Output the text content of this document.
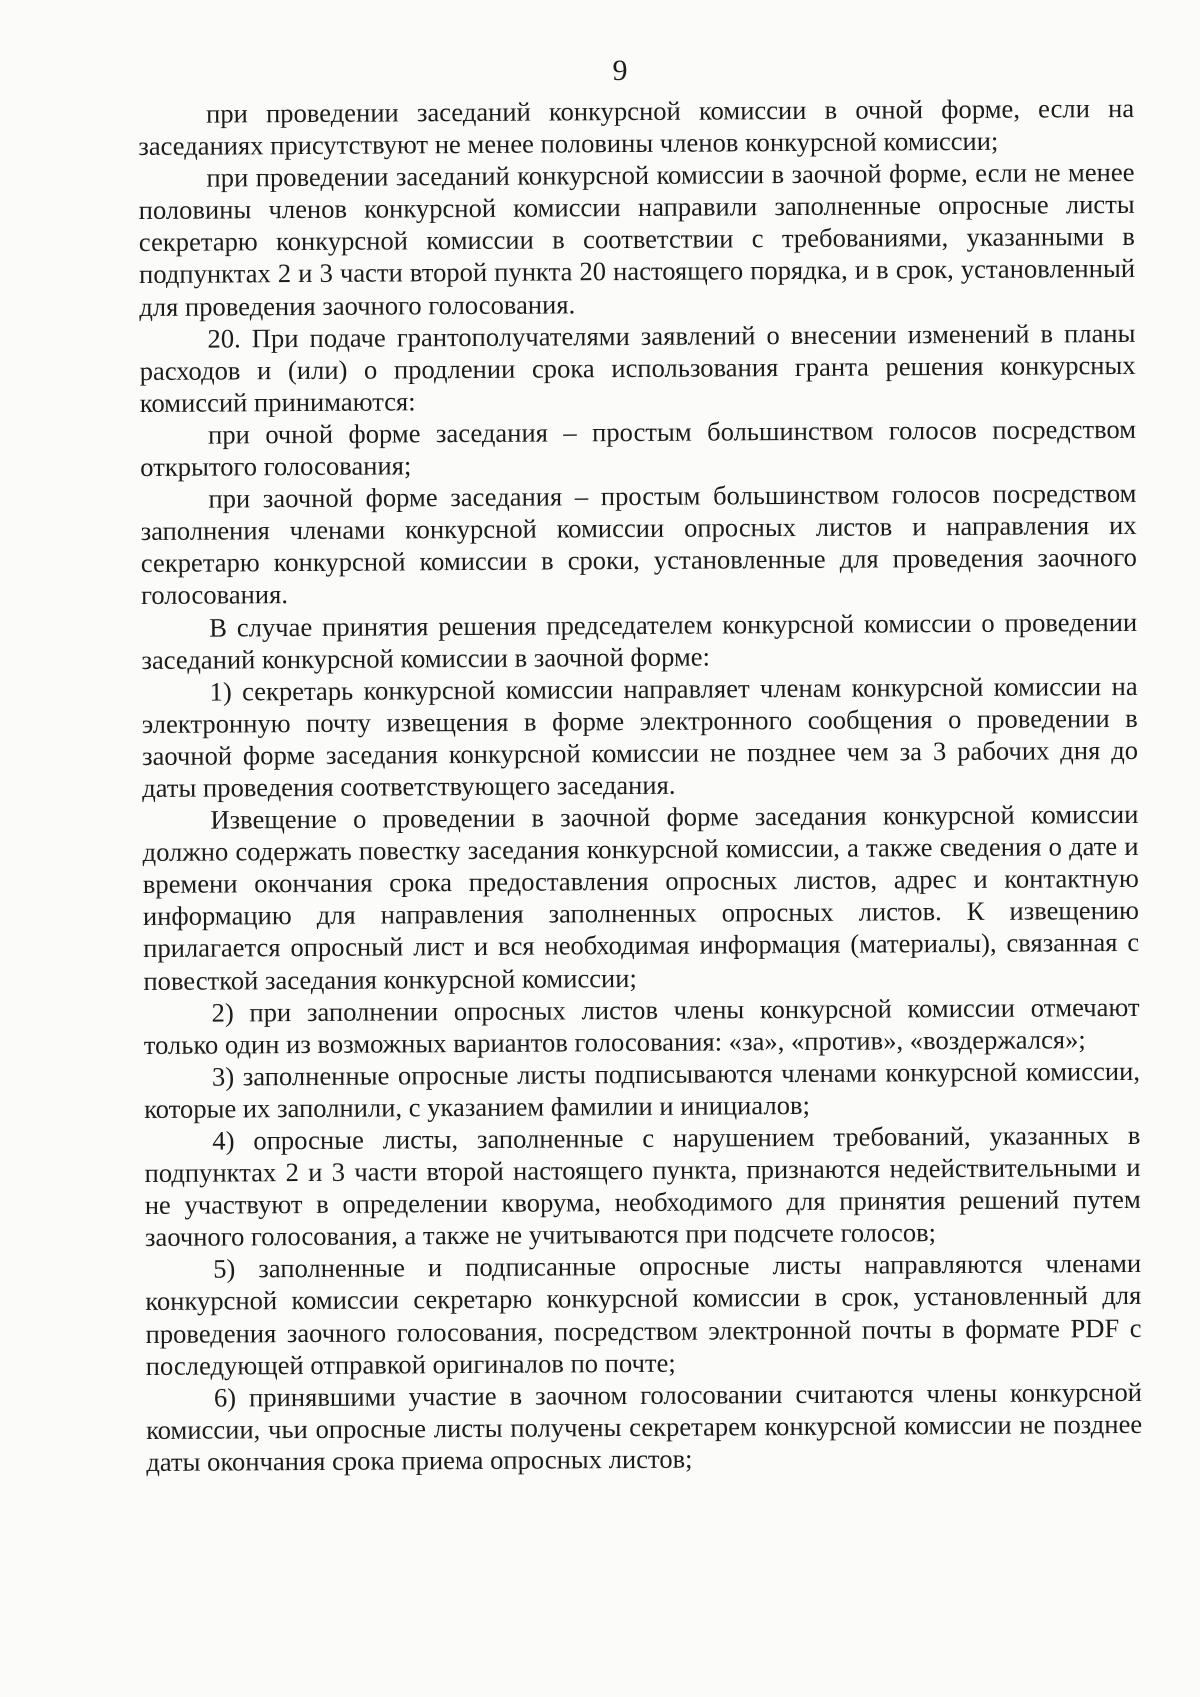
9

при проведении заседаний конкурсной комиссии в очной форме, если на заседаниях присутствуют не менее половины членов конкурсной комиссии;

при проведении заседаний конкурсной комиссии в заочной форме, если не менее половины членов конкурсной комиссии направили заполненные опросные листы секретарю конкурсной комиссии в соответствии с требованиями, указанными в подпунктах 2 и 3 части второй пункта 20 настоящего порядка, и в срок, установленный для проведения заочного голосования.

20. При подаче грантополучателями заявлений о внесении изменений в планы расходов и (или) о продлении срока использования гранта решения конкурсных комиссий принимаются:

при очной форме заседания – простым большинством голосов посредством открытого голосования;

при заочной форме заседания – простым большинством голосов посредством заполнения членами конкурсной комиссии опросных листов и направления их секретарю конкурсной комиссии в сроки, установленные для проведения заочного голосования.

В случае принятия решения председателем конкурсной комиссии о проведении заседаний конкурсной комиссии в заочной форме:

1) секретарь конкурсной комиссии направляет членам конкурсной комиссии на электронную почту извещения в форме электронного сообщения о проведении в заочной форме заседания конкурсной комиссии не позднее чем за 3 рабочих дня до даты проведения соответствующего заседания.

Извещение о проведении в заочной форме заседания конкурсной комиссии должно содержать повестку заседания конкурсной комиссии, а также сведения о дате и времени окончания срока предоставления опросных листов, адрес и контактную информацию для направления заполненных опросных листов. К извещению прилагается опросный лист и вся необходимая информация (материалы), связанная с повесткой заседания конкурсной комиссии;

2) при заполнении опросных листов члены конкурсной комиссии отмечают только один из возможных вариантов голосования: «за», «против», «воздержался»;

3) заполненные опросные листы подписываются членами конкурсной комиссии, которые их заполнили, с указанием фамилии и инициалов;

4) опросные листы, заполненные с нарушением требований, указанных в подпунктах 2 и 3 части второй настоящего пункта, признаются недействительными и не участвуют в определении кворума, необходимого для принятия решений путем заочного голосования, а также не учитываются при подсчете голосов;

5) заполненные и подписанные опросные листы направляются членами конкурсной комиссии секретарю конкурсной комиссии в срок, установленный для проведения заочного голосования, посредством электронной почты в формате PDF с последующей отправкой оригиналов по почте;

6) принявшими участие в заочном голосовании считаются члены конкурсной комиссии, чьи опросные листы получены секретарем конкурсной комиссии не позднее даты окончания срока приема опросных листов;
